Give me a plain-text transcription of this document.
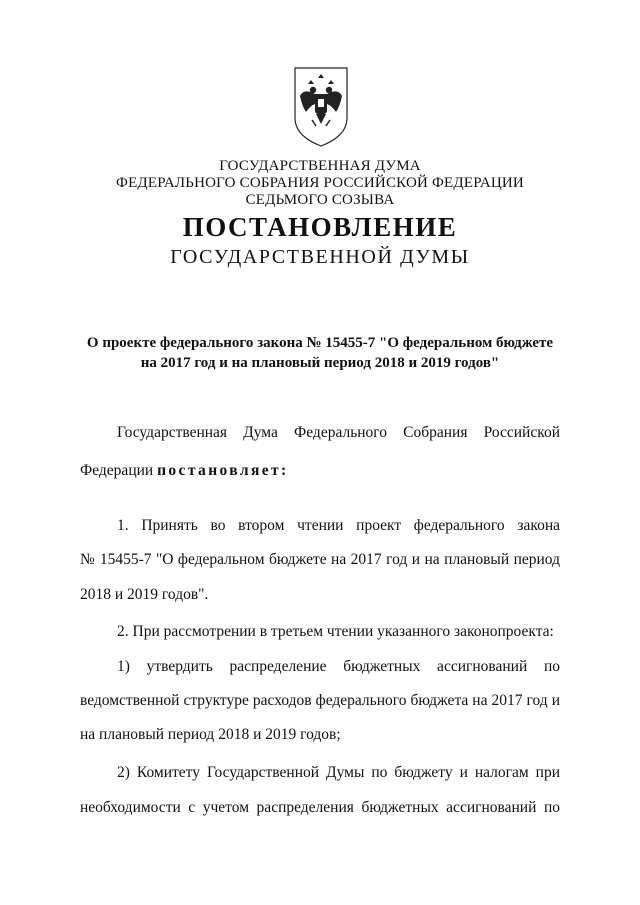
ГОСУДАРСТВЕННАЯ ДУМА
ФЕДЕРАЛЬНОГО СОБРАНИЯ РОССИЙСКОЙ ФЕДЕРАЦИИ
СЕДЬМОГО СОЗЫВА
ПОСТАНОВЛЕНИЕ
ГОСУДАРСТВЕННОЙ ДУМЫ
О проекте федерального закона № 15455-7 "О федеральном бюджете
на 2017 год и на плановый период 2018 и 2019 годов"
Государственная Дума Федерального Собрания Российской
Федерации постановляет:
1. Принять во втором чтении проект федерального закона
№ 15455-7 "О федеральном бюджете на 2017 год и на плановый период
2018 и 2019 годов".
2. При рассмотрении в третьем чтении указанного законопроекта:
1) утвердить распределение бюджетных ассигнований по
ведомственной структуре расходов федерального бюджета на 2017 год и
на плановый период 2018 и 2019 годов;
2) Комитету Государственной Думы по бюджету и налогам при
необходимости с учетом распределения бюджетных ассигнований по
